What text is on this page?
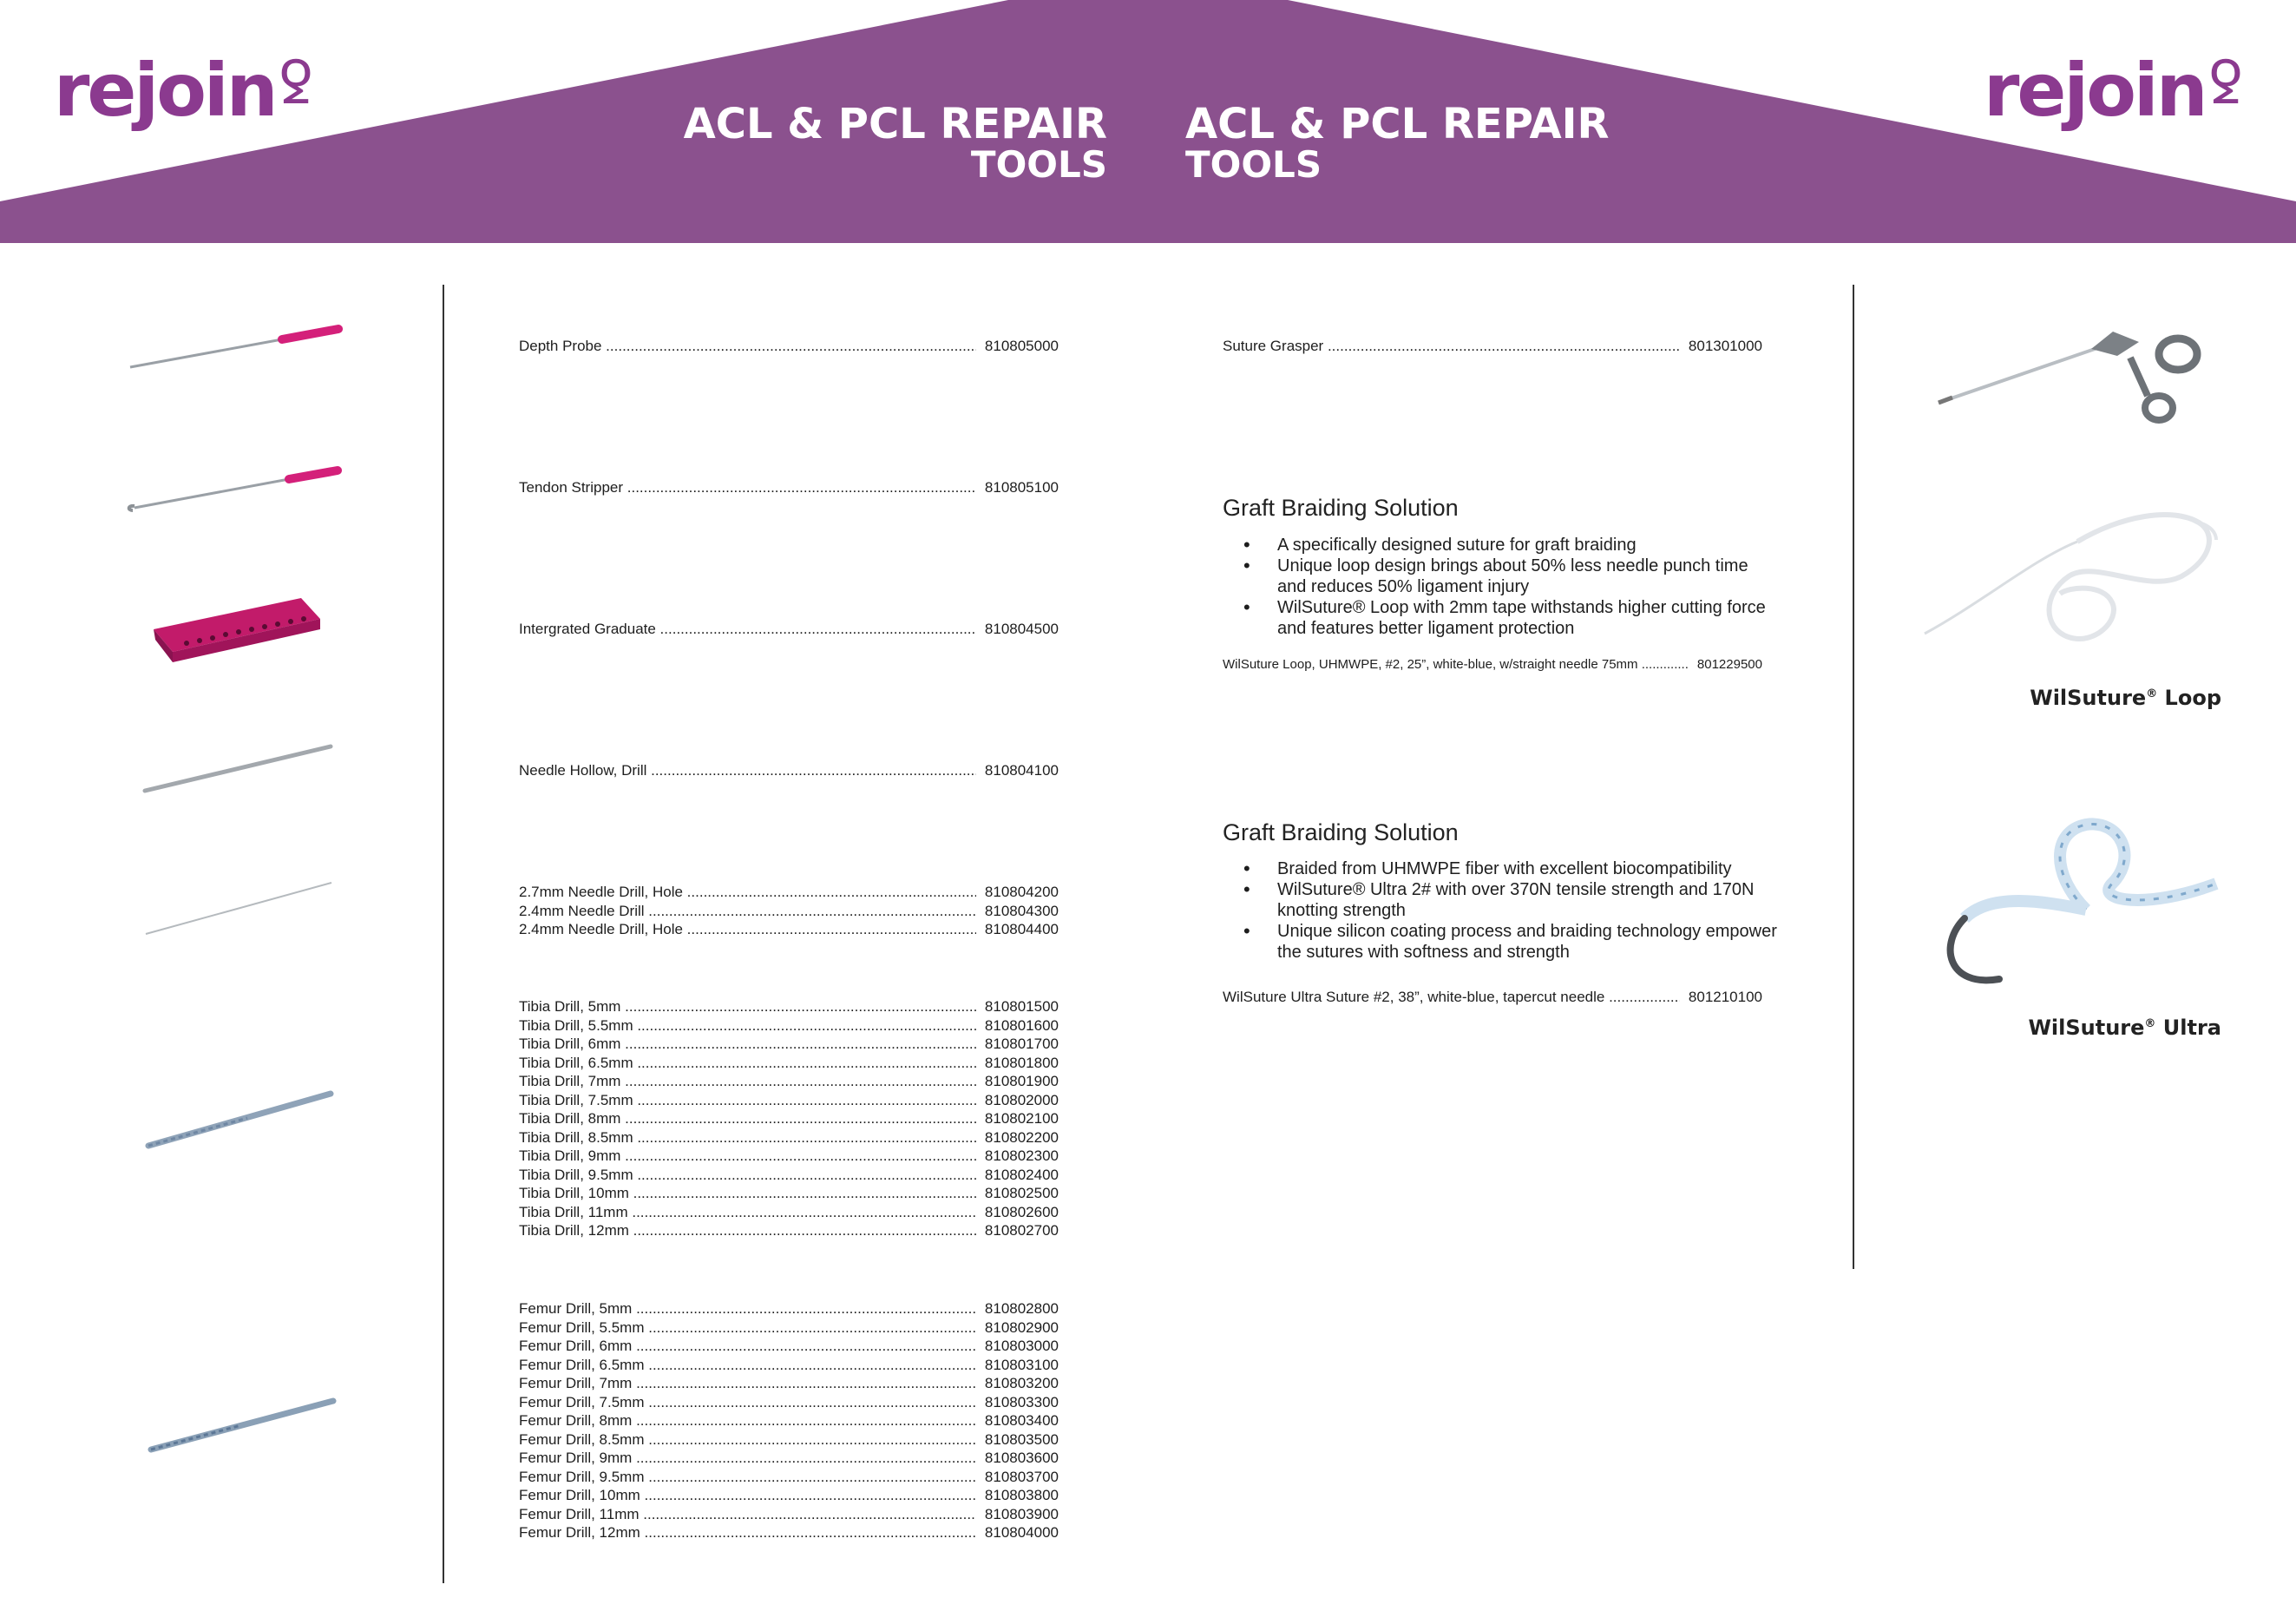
rejoinꝿ	rejoinꝿ
ACL & PCL REPAIR
TOOLS
ACL & PCL REPAIR
TOOLS
Depth Probe .....	810805000
Tendon Stripper .....	810805100
Intergrated Graduate .....	810804500
Needle Hollow, Drill .....	810804100
2.7mm Needle Drill, Hole .....	810804200
2.4mm Needle Drill .....	810804300
2.4mm Needle Drill, Hole .....	810804400
Tibia Drill, 5mm .....	810801500
Tibia Drill, 5.5mm .....	810801600
Tibia Drill, 6mm .....	810801700
Tibia Drill, 6.5mm .....	810801800
Tibia Drill, 7mm .....	810801900
Tibia Drill, 7.5mm .....	810802000
Tibia Drill, 8mm .....	810802100
Tibia Drill, 8.5mm .....	810802200
Tibia Drill, 9mm .....	810802300
Tibia Drill, 9.5mm .....	810802400
Tibia Drill, 10mm .....	810802500
Tibia Drill, 11mm .....	810802600
Tibia Drill, 12mm .....	810802700
Femur Drill, 5mm .....	810802800
Femur Drill, 5.5mm .....	810802900
Femur Drill, 6mm .....	810803000
Femur Drill, 6.5mm .....	810803100
Femur Drill, 7mm .....	810803200
Femur Drill, 7.5mm .....	810803300
Femur Drill, 8mm .....	810803400
Femur Drill, 8.5mm .....	810803500
Femur Drill, 9mm .....	810803600
Femur Drill, 9.5mm .....	810803700
Femur Drill, 10mm .....	810803800
Femur Drill, 11mm .....	810803900
Femur Drill, 12mm .....	810804000
Suture Grasper .....	801301000
Graft Braiding Solution
• A specifically designed suture for graft braiding
• Unique loop design brings about 50% less needle punch time and reduces 50% ligament injury
• WilSuture® Loop with 2mm tape withstands higher cutting force and features better ligament protection
WilSuture Loop, UHMWPE, #2, 25”, white-blue, w/straight needle 75mm .....	801229500
Graft Braiding Solution
• Braided from UHMWPE fiber with excellent biocompatibility
• WilSuture® Ultra 2# with over 370N tensile strength and 170N knotting strength
• Unique silicon coating process and braiding technology empower the sutures with softness and strength
WilSuture Ultra Suture #2, 38”, white-blue, tapercut needle .....	801210100
WilSuture® Loop
WilSuture® Ultra
